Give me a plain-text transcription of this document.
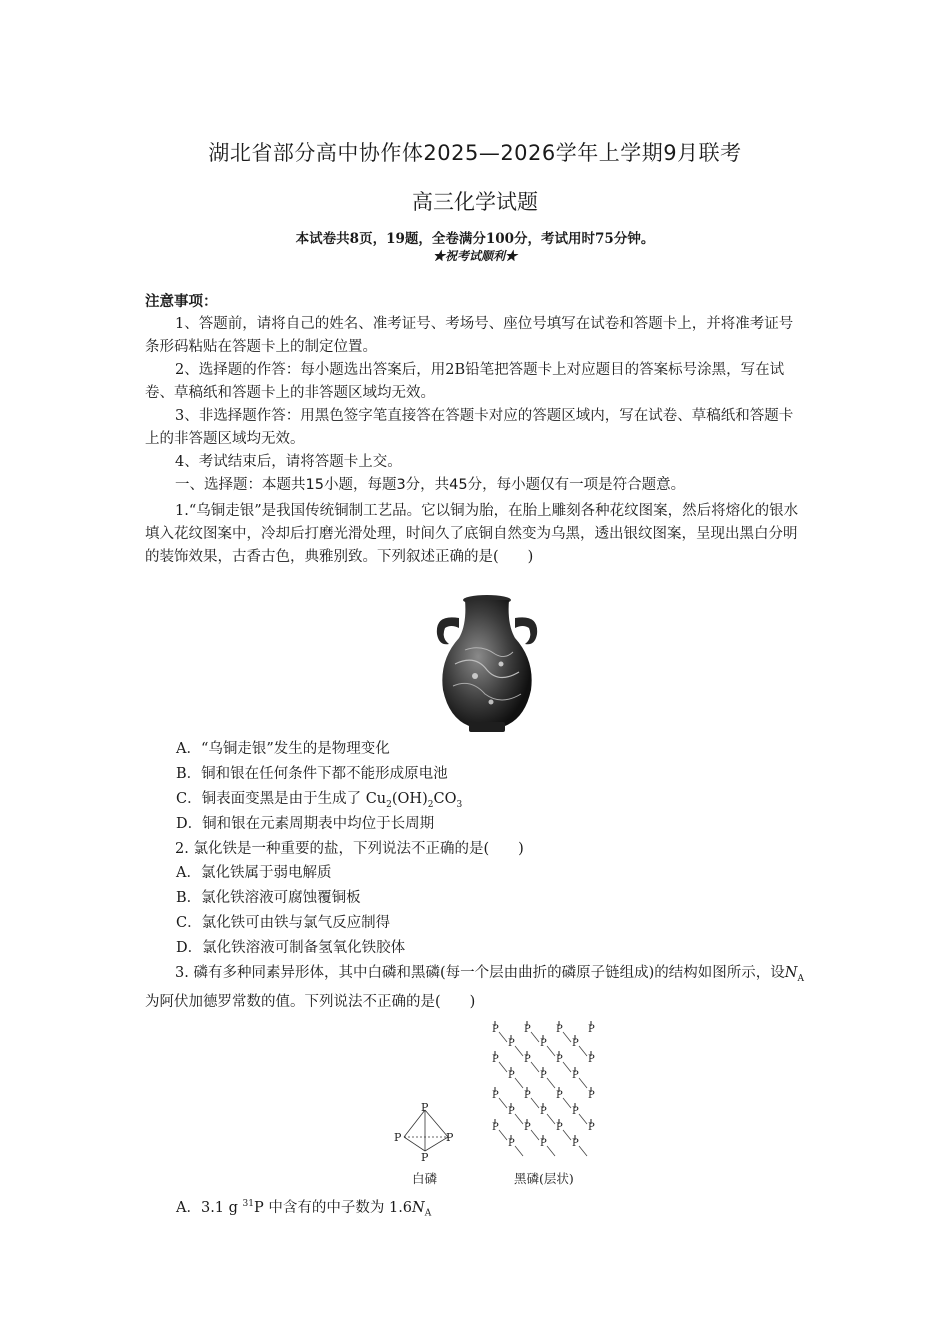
湖北省部分高中协作体2025—2026学年上学期9月联考
高三化学试题
本试卷共8页，19题，全卷满分100分，考试用时75分钟。
★祝考试顺利★
注意事项：
1、答题前，请将自己的姓名、准考证号、考场号、座位号填写在试卷和答题卡上，并将准考证号条形码粘贴在答题卡上的制定位置。
2、选择题的作答：每小题选出答案后，用2B铅笔把答题卡上对应题目的答案标号涂黑，写在试卷、草稿纸和答题卡上的非答题区域均无效。
3、非选择题作答：用黑色签字笔直接答在答题卡对应的答题区域内，写在试卷、草稿纸和答题卡上的非答题区域均无效。
4、考试结束后，请将答题卡上交。
一、选择题：本题共15小题，每题3分，共45分，每小题仅有一项是符合题意。
1.“乌铜走银”是我国传统铜制工艺品。它以铜为胎，在胎上雕刻各种花纹图案，然后将熔化的银水填入花纹图案中，冷却后打磨光滑处理，时间久了底铜自然变为乌黑，透出银纹图案，呈现出黑白分明的装饰效果，古香古色，典雅别致。下列叙述正确的是(　　)
A．“乌铜走银”发生的是物理变化
B．铜和银在任何条件下都不能形成原电池
C．铜表面变黑是由于生成了 $Cu_2(OH)_2CO_3$
D．铜和银在元素周期表中均位于长周期
2. 氯化铁是一种重要的盐，下列说法不正确的是(　　)
A．氯化铁属于弱电解质
B．氯化铁溶液可腐蚀覆铜板
C．氯化铁可由铁与氯气反应制得
D．氯化铁溶液可制备氢氧化铁胶体
3. 磷有多种同素异形体，其中白磷和黑磷(每一个层由曲折的磷原子链组成)的结构如图所示，设$N_A$为阿伏加德罗常数的值。下列说法不正确的是(　　)
P
P	P
P
P	P	P	P
P	P	P
P	P	P	P
P	P	P
P	P	P	P
P	P	P
P	P	P	P
P	P	P
白磷	黑磷(层状)
A．3.1 g $^{31}$P 中含有的中子数为 $1.6N_A$
